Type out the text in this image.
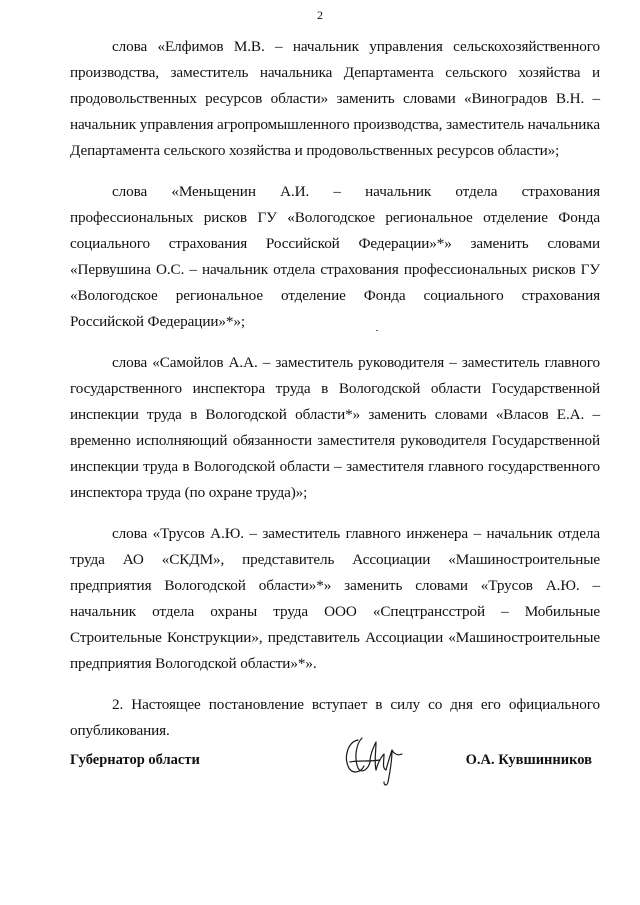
2

слова «Елфимов М.В. – начальник управления сельскохозяйственного производства, заместитель начальника Департамента сельского хозяйства и продовольственных ресурсов области» заменить словами «Виноградов В.Н. – начальник управления агропромышленного производства, заместитель начальника Департамента сельского хозяйства и продовольственных ресурсов области»;

слова «Меньщенин А.И. – начальник отдела страхования профессиональных рисков ГУ «Вологодское региональное отделение Фонда социального страхования Российской Федерации»*» заменить словами «Первушина О.С. – начальник отдела страхования профессиональных рисков ГУ «Вологодское региональное отделение Фонда социального страхования Российской Федерации»*»;

слова «Самойлов А.А. – заместитель руководителя – заместитель главного государственного инспектора труда в Вологодской области Государственной инспекции труда в Вологодской области*» заменить словами «Власов Е.А. – временно исполняющий обязанности заместителя руководителя Государственной инспекции труда в Вологодской области – заместителя главного государственного инспектора труда (по охране труда)»;

слова «Трусов А.Ю. – заместитель главного инженера – начальник отдела труда АО «СКДМ», представитель Ассоциации «Машиностроительные предприятия Вологодской области»*» заменить словами «Трусов А.Ю. – начальник отдела охраны труда ООО «Спецтрансстрой – Мобильные Строительные Конструкции», представитель Ассоциации «Машиностроительные предприятия Вологодской области»*».

2. Настоящее постановление вступает в силу со дня его официального опубликования.

Губернатор области	О.А. Кувшинников
